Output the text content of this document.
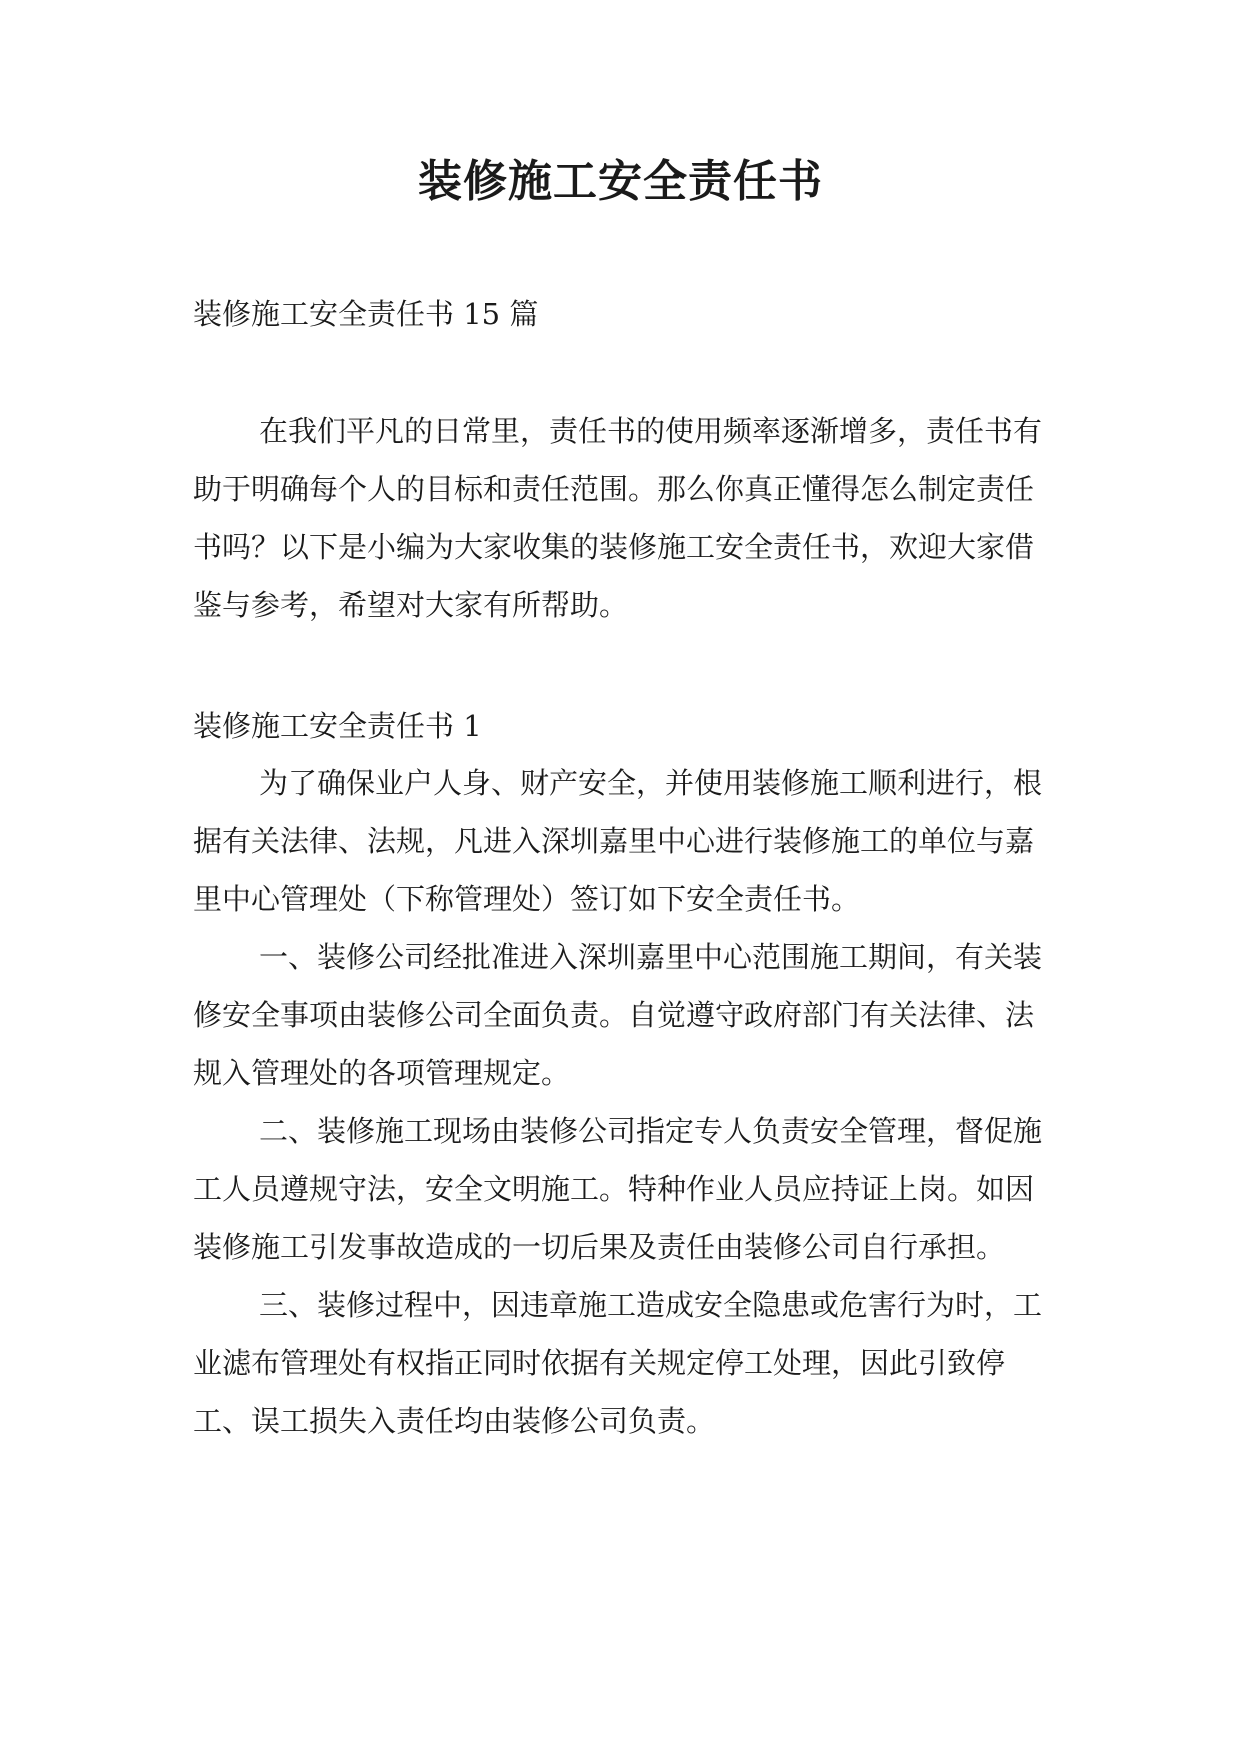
装修施工安全责任书

装修施工安全责任书 15 篇

在我们平凡的日常里，责任书的使用频率逐渐增多，责任书有助于明确每个人的目标和责任范围。那么你真正懂得怎么制定责任书吗？以下是小编为大家收集的装修施工安全责任书，欢迎大家借鉴与参考，希望对大家有所帮助。

装修施工安全责任书 1

为了确保业户人身、财产安全，并使用装修施工顺利进行，根据有关法律、法规，凡进入深圳嘉里中心进行装修施工的单位与嘉里中心管理处（下称管理处）签订如下安全责任书。

一、装修公司经批准进入深圳嘉里中心范围施工期间，有关装修安全事项由装修公司全面负责。自觉遵守政府部门有关法律、法规入管理处的各项管理规定。

二、装修施工现场由装修公司指定专人负责安全管理，督促施工人员遵规守法，安全文明施工。特种作业人员应持证上岗。如因装修施工引发事故造成的一切后果及责任由装修公司自行承担。

三、装修过程中，因违章施工造成安全隐患或危害行为时，工业滤布管理处有权指正同时依据有关规定停工处理，因此引致停工、误工损失入责任均由装修公司负责。
